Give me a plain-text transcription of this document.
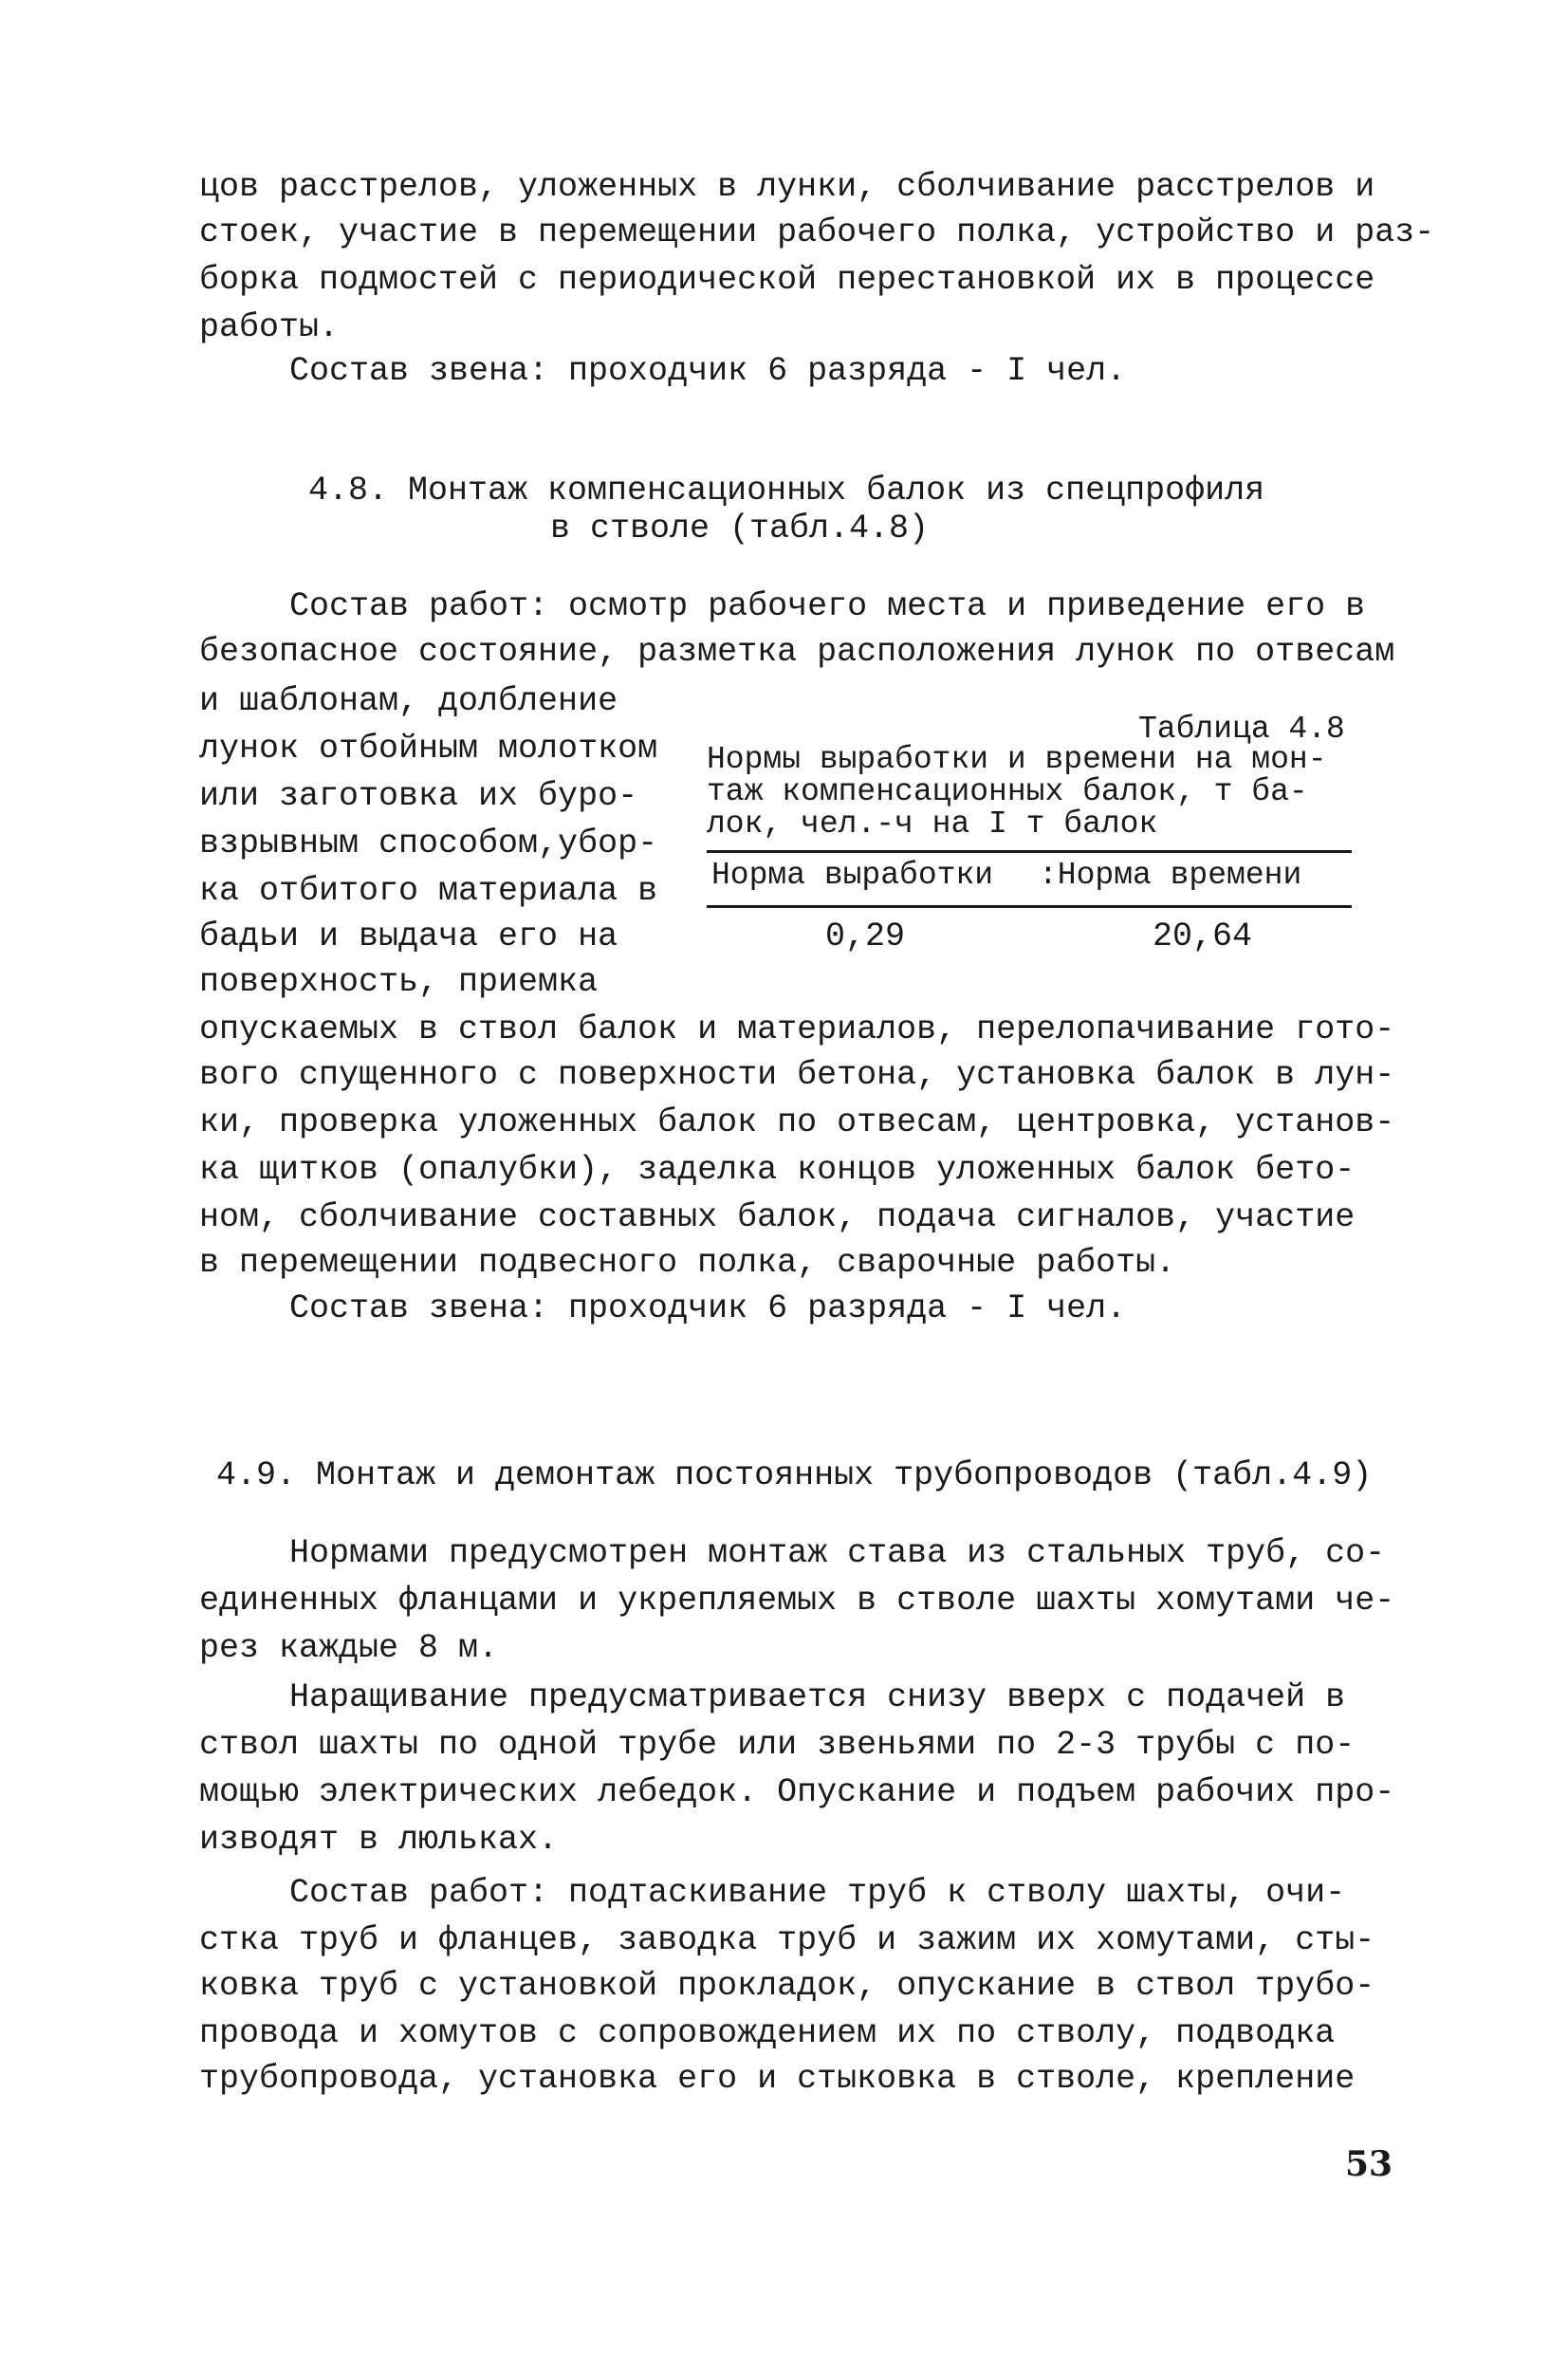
цов расстрелов, уложенных в лунки, сболчивание расстрелов и
стоек, участие в перемещении рабочего полка, устройство и раз-
борка подмостей с периодической перестановкой их в процессе
работы.
Состав звена: проходчик 6 разряда - I чел.
4.8. Монтаж компенсационных балок из спецпрофиля
в стволе (табл.4.8)
Состав работ: осмотр рабочего места и приведение его в
безопасное состояние, разметка расположения лунок по отвесам
и шаблонам, долбление
лунок отбойным молотком
или заготовка их буро-
взрывным способом,убор-
ка отбитого материала в
бадьи и выдача его на
поверхность, приемка
Таблица 4.8
Нормы выработки и времени на мон-
таж компенсационных балок, т ба-
лок, чел.-ч на I т балок
Норма выработки :Норма времени
0,29	20,64
опускаемых в ствол балок и материалов, перелопачивание гото-
вого спущенного с поверхности бетона, установка балок в лун-
ки, проверка уложенных балок по отвесам, центровка, установ-
ка щитков (опалубки), заделка концов уложенных балок бето-
ном, сболчивание составных балок, подача сигналов, участие
в перемещении подвесного полка, сварочные работы.
Состав звена: проходчик 6 разряда - I чел.
4.9. Монтаж и демонтаж постоянных трубопроводов (табл.4.9)
Нормами предусмотрен монтаж става из стальных труб, со-
единенных фланцами и укрепляемых в стволе шахты хомутами че-
рез каждые 8 м.
Наращивание предусматривается снизу вверх с подачей в
ствол шахты по одной трубе или звеньями по 2-3 трубы с по-
мощью электрических лебедок. Опускание и подъем рабочих про-
изводят в люльках.
Состав работ: подтаскивание труб к стволу шахты, очи-
стка труб и фланцев, заводка труб и зажим их хомутами, сты-
ковка труб с установкой прокладок, опускание в ствол трубо-
провода и хомутов с сопровождением их по стволу, подводка
трубопровода, установка его и стыковка в стволе, крепление
53
